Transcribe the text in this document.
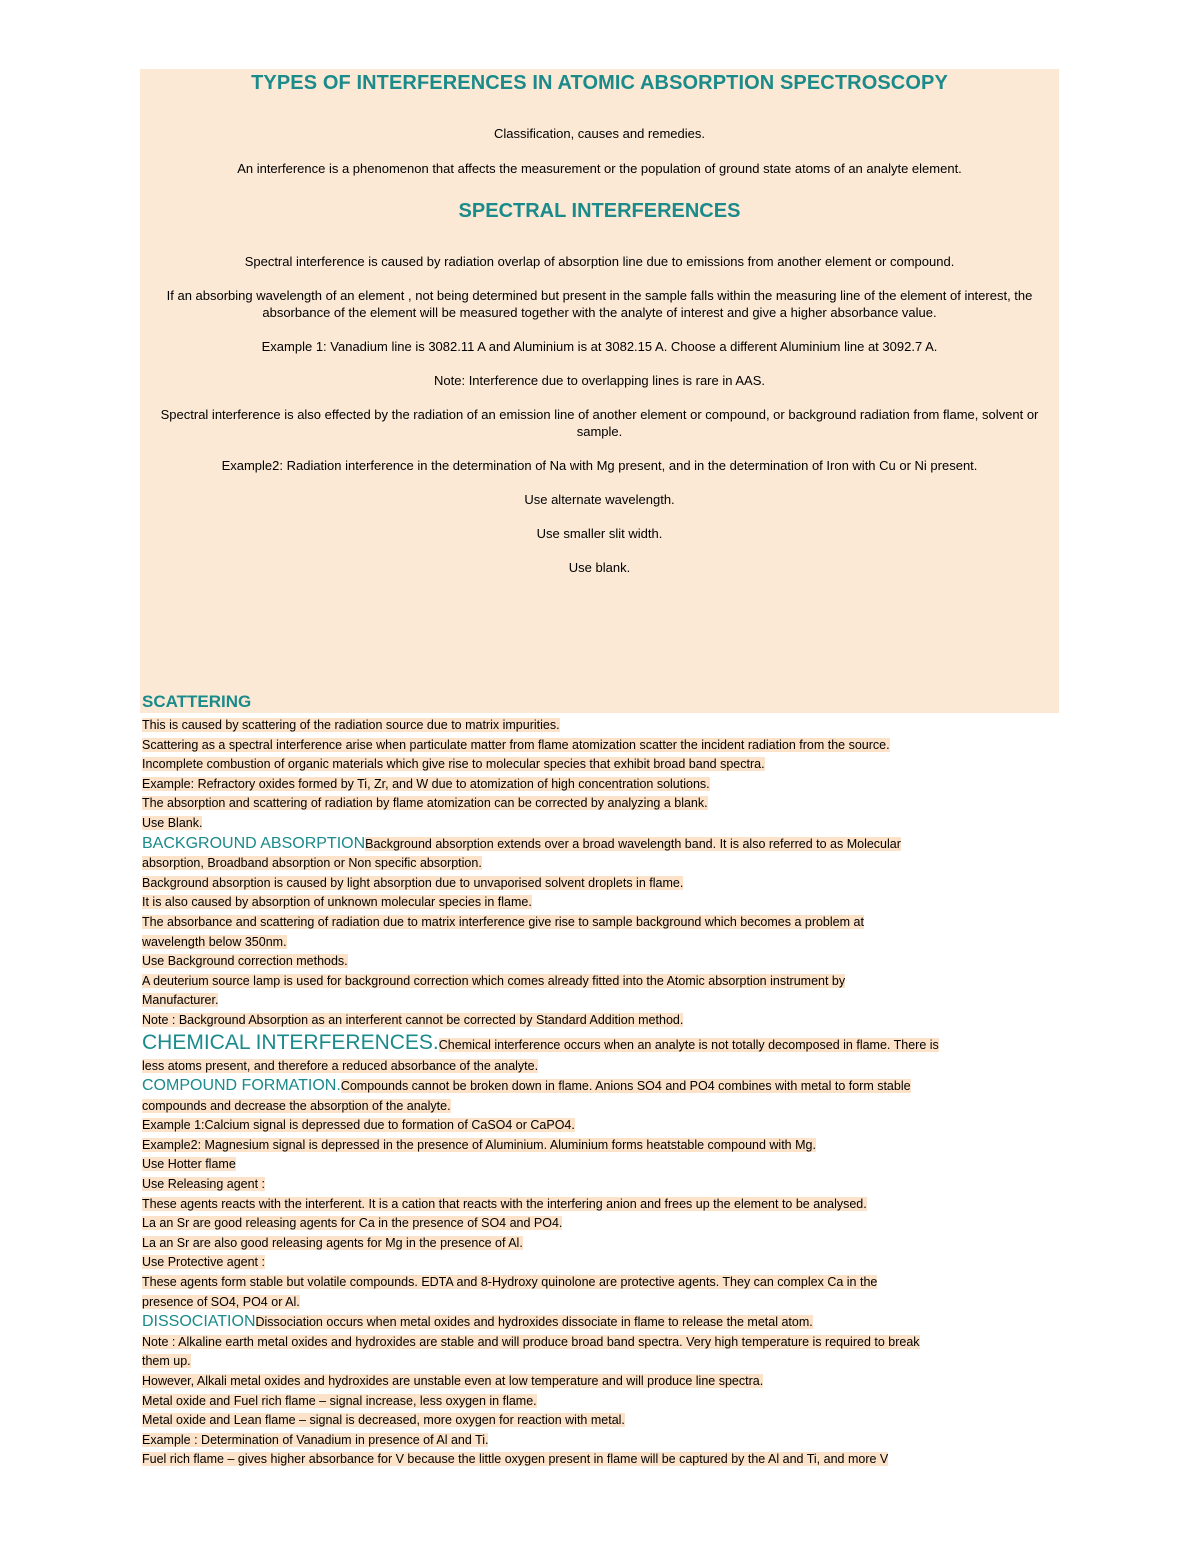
TYPES OF INTERFERENCES IN ATOMIC ABSORPTION SPECTROSCOPY

Classification, causes and remedies.

An interference is a phenomenon that affects the measurement or the population of ground state atoms of an analyte element.

SPECTRAL INTERFERENCES

Spectral interference is caused by radiation overlap of absorption line due to emissions from another element or compound.

If an absorbing wavelength of an element , not being determined but present in the sample falls within the measuring line of the element of interest, the absorbance of the element will be measured together with the analyte of interest and give a higher absorbance value.

Example 1: Vanadium line is 3082.11 A and Aluminium is at 3082.15 A. Choose a different Aluminium line at 3092.7 A.

Note: Interference due to overlapping lines is rare in AAS.

Spectral interference is also effected by the radiation of an emission line of another element or compound, or background radiation from flame, solvent or sample.

Example2: Radiation interference in the determination of Na with Mg present, and in the determination of Iron with Cu or Ni present.

Use alternate wavelength.

Use smaller slit width.

Use blank.

SCATTERING
This is caused by scattering of the radiation source due to matrix impurities.
Scattering as a spectral interference arise when particulate matter from flame atomization scatter the incident radiation from the source.
Incomplete combustion of organic materials which give rise to molecular species that exhibit broad band spectra.
Example: Refractory oxides formed by Ti, Zr, and W due to atomization of high concentration solutions.
The absorption and scattering of radiation by flame atomization can be corrected by analyzing a blank.
Use Blank.
BACKGROUND ABSORPTIONBackground absorption extends over a broad wavelength band. It is also referred to as Molecular
absorption, Broadband absorption or Non specific absorption.
Background absorption is caused by light absorption due to unvaporised solvent droplets in flame.
It is also caused by absorption of unknown molecular species in flame.
The absorbance and scattering of radiation due to matrix interference give rise to sample background which becomes a problem at
wavelength below 350nm.
Use Background correction methods.
A deuterium source lamp is used for background correction which comes already fitted into the Atomic absorption instrument by
Manufacturer.
Note : Background Absorption as an interferent cannot be corrected by Standard Addition method.
CHEMICAL INTERFERENCES.Chemical interference occurs when an analyte is not totally decomposed in flame. There is
less atoms present, and therefore a reduced absorbance of the analyte.
COMPOUND FORMATION.Compounds cannot be broken down in flame. Anions SO4 and PO4 combines with metal to form stable
compounds and decrease the absorption of the analyte.
Example 1:Calcium signal is depressed due to formation of CaSO4 or CaPO4.
Example2: Magnesium signal is depressed in the presence of Aluminium. Aluminium forms heatstable compound with Mg.
Use Hotter flame
Use Releasing agent :
These agents reacts with the interferent. It is a cation that reacts with the interfering anion and frees up the element to be analysed.
La an Sr are good releasing agents for Ca in the presence of SO4 and PO4.
La an Sr are also good releasing agents for Mg in the presence of Al.
Use Protective agent :
These agents form stable but volatile compounds. EDTA and 8-Hydroxy quinolone are protective agents. They can complex Ca in the
presence of SO4, PO4 or Al.
DISSOCIATIONDissociation occurs when metal oxides and hydroxides dissociate in flame to release the metal atom.
Note : Alkaline earth metal oxides and hydroxides are stable and will produce broad band spectra. Very high temperature is required to break
them up.
However, Alkali metal oxides and hydroxides are unstable even at low temperature and will produce line spectra.
Metal oxide and Fuel rich flame – signal increase, less oxygen in flame.
Metal oxide and Lean flame – signal is decreased, more oxygen for reaction with metal.
Example : Determination of Vanadium in presence of Al and Ti.
Fuel rich flame – gives higher absorbance for V because the little oxygen present in flame will be captured by the Al and Ti, and more V
